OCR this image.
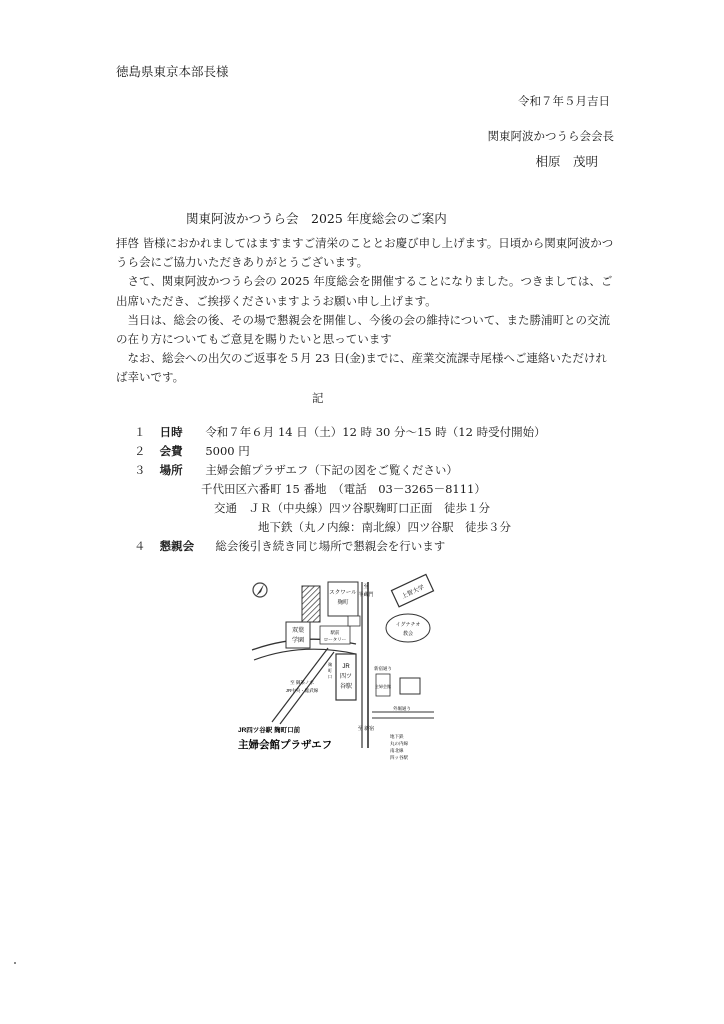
徳島県東京本部長様
令和７年５月吉日
関東阿波かつうら会会長
相原　茂明
関東阿波かつうら会　2025 年度総会のご案内

拝啓 皆様におかれましてはますますご清栄のこととお慶び申し上げます。日頃から関東阿波かつうら会にご協力いただきありがとうございます。

　さて、関東阿波かつうら会の 2025 年度総会を開催することになりました。つきましては、ご出席いただき、ご挨拶くださいますようお願い申し上げます。

　当日は、総会の後、その場で懇親会を開催し、今後の会の維持について、また勝浦町との交流の在り方についてもご意見を賜りたいと思っています

　なお、総会への出欠のご返事を５月 23 日(金)までに、産業交流課寺尾様へご連絡いただければ幸いです。

記
１ 日時 令和７年６月 14 日（土）12 時 30 分～15 時（12 時受付開始）
２ 会費 5000 円
３ 場所 主婦会館プラザエフ（下記の図をご覧ください）
千代田区六番町 15 番地　（電話　03－3265－8111）
交通　ＪＲ（中央線）四ツ谷駅麹町口正面　徒歩１分
地下鉄（丸ノ内線：南北線）四ツ谷駅　徒歩３分
４ 懇親会 総会後引き続き同じ場所で懇親会を行います
スクワール
麹町
駅前
ロータリー
双葉
学園
JR
四ツ
谷駅
麹
町
口
主婦会館
上智大学
イグナチオ
教会
至
半蔵門
新宿通り
至 新宿
外堀通り
至 御茶ノ水
JR中央・総武線
JR四ツ谷駅 麹町口前
主婦会館プラザエフ
地下鉄
丸の内線
南北線
四ッ谷駅
